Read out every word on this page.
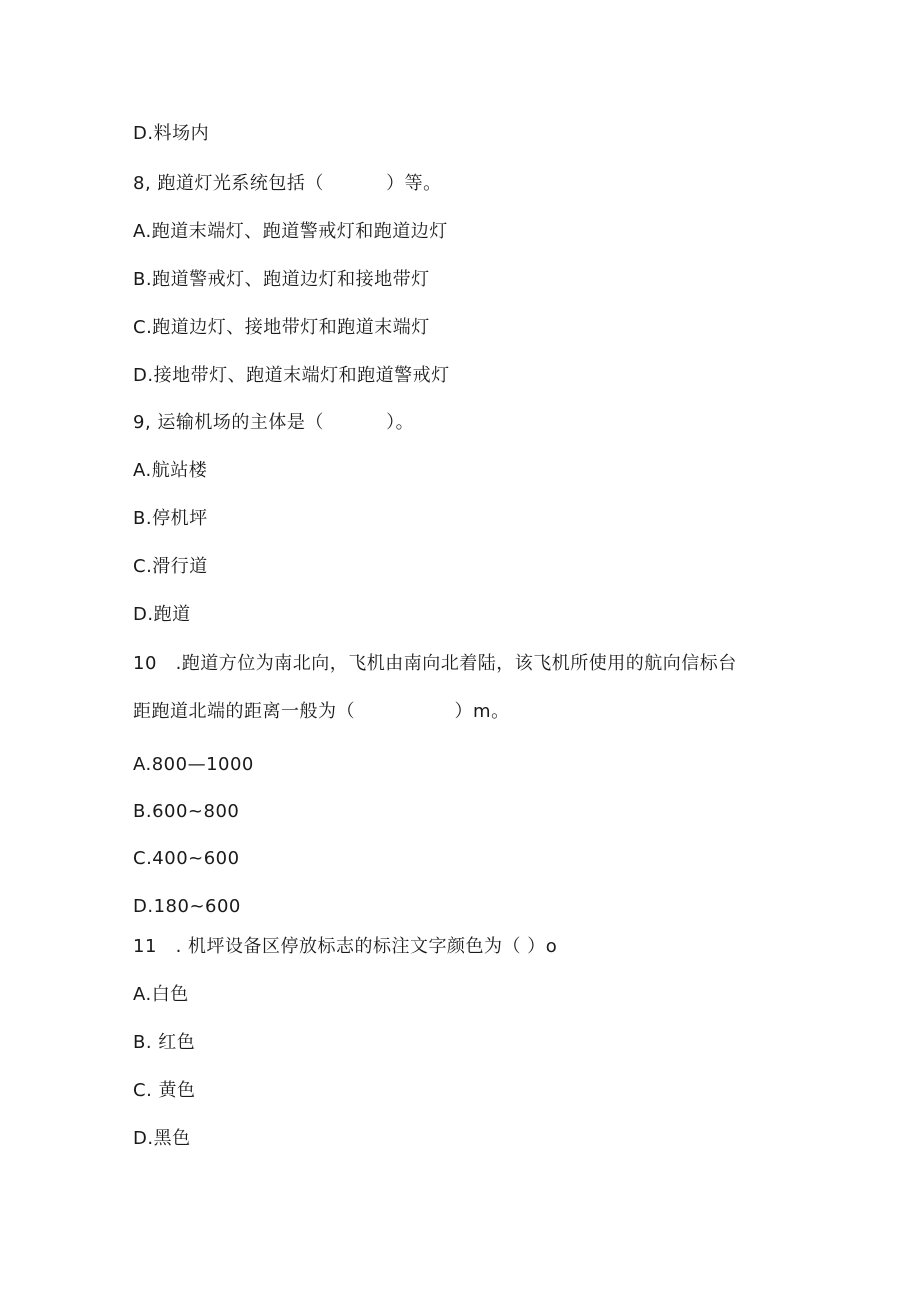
D.料场内
8, 跑道灯光系统包括（          ）等。
A.跑道末端灯、跑道警戒灯和跑道边灯
B.跑道警戒灯、跑道边灯和接地带灯
C.跑道边灯、接地带灯和跑道末端灯
D.接地带灯、跑道末端灯和跑道警戒灯
9, 运输机场的主体是（          ）。
A.航站楼
B.停机坪
C.滑行道
D.跑道
10   .跑道方位为南北向，飞机由南向北着陆，该飞机所使用的航向信标台
距跑道北端的距离一般为（                ）m。
A.800—1000
B.600~800
C.400~600
D.180~600
11   . 机坪设备区停放标志的标注文字颜色为（ ）o
A.白色
B. 红色
C. 黄色
D.黑色
